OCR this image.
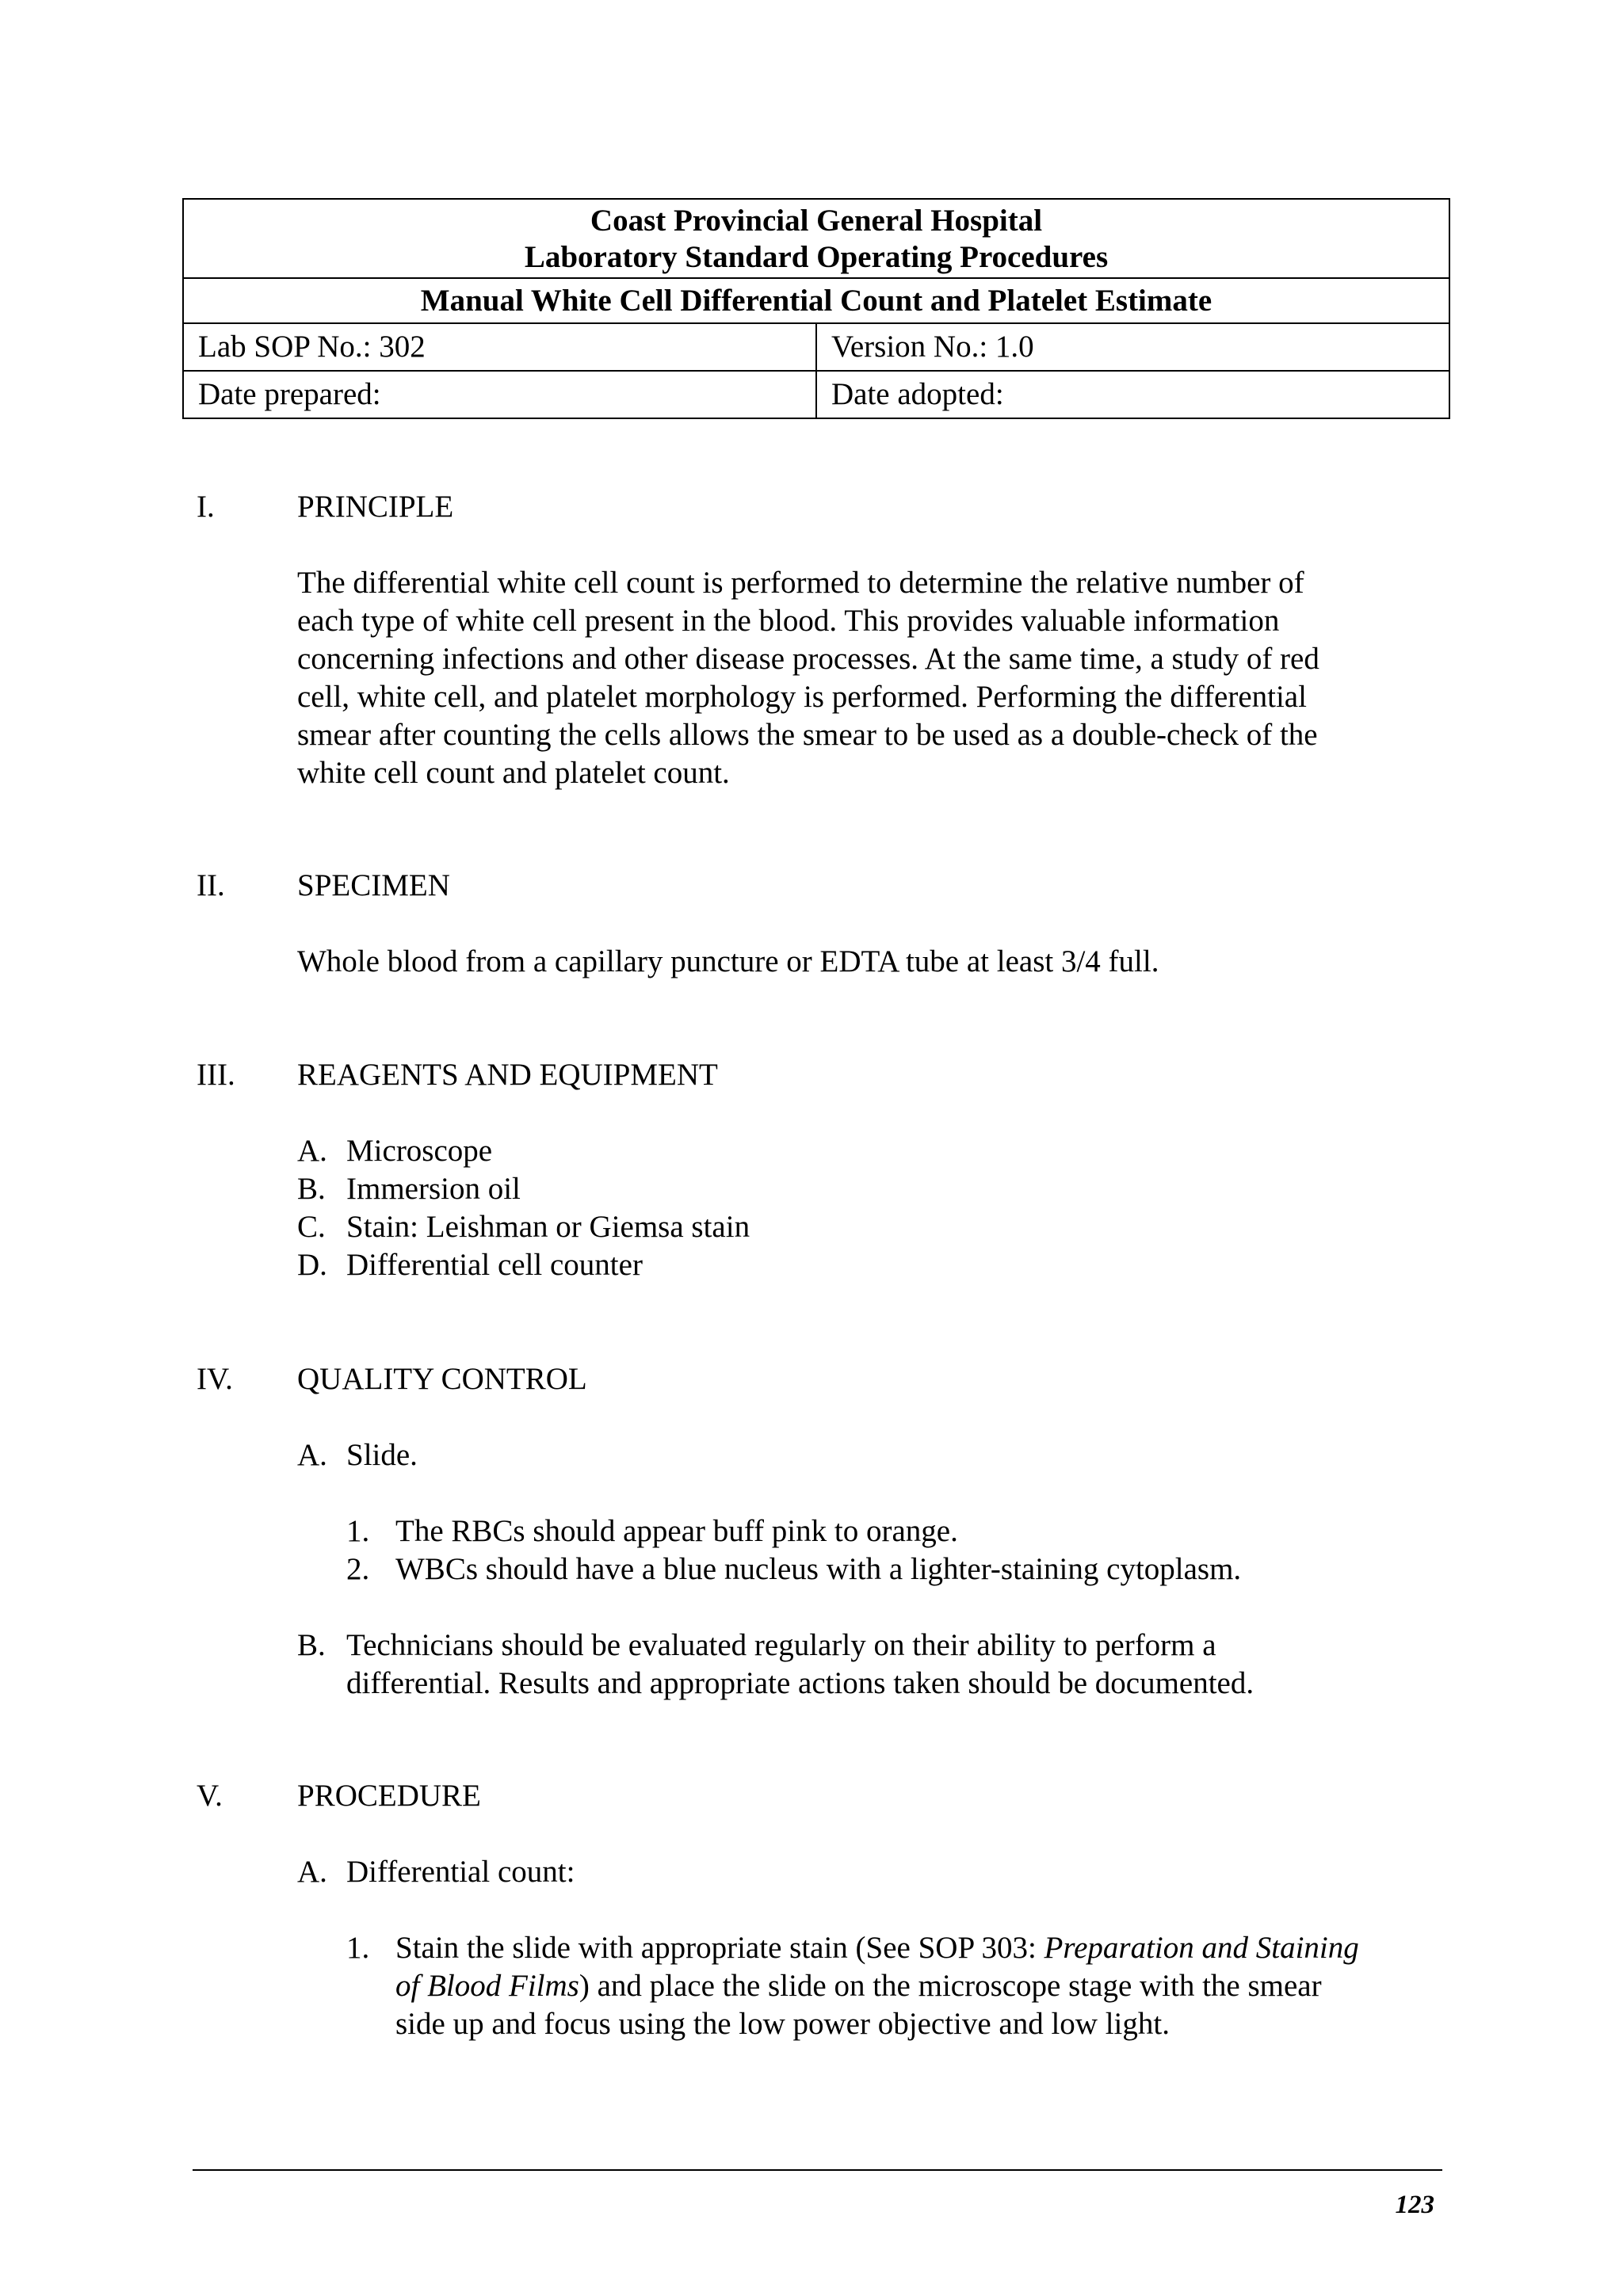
Coast Provincial General Hospital
Laboratory Standard Operating Procedures	

Manual White Cell Differential Count and Platelet Estimate	
Lab SOP No.: 302	Version No.: 1.0
Date prepared:	Date adopted:
I.	PRINCIPLE
The differential white cell count is performed to determine the relative number of
each type of white cell present in the blood. This provides valuable information
concerning infections and other disease processes. At the same time, a study of red
cell, white cell, and platelet morphology is performed. Performing the differential
smear after counting the cells allows the smear to be used as a double-check of the
white cell count and platelet count.
II. SPECIMEN
Whole blood from a capillary puncture or EDTA tube at least 3/4 full.
III. REAGENTS AND EQUIPMENT
A. Microscope
B. Immersion oil
C. Stain: Leishman or Giemsa stain
D. Differential cell counter
IV. QUALITY CONTROL
A. Slide.
1. The RBCs should appear buff pink to orange.
2. WBCs should have a blue nucleus with a lighter-staining cytoplasm.
B. Technicians should be evaluated regularly on their ability to perform a
differential. Results and appropriate actions taken should be documented.
V. PROCEDURE
A. Differential count:
1. Stain the slide with appropriate stain (See SOP 303: Preparation and Staining
of Blood Films) and place the slide on the microscope stage with the smear
side up and focus using the low power objective and low light.
123
